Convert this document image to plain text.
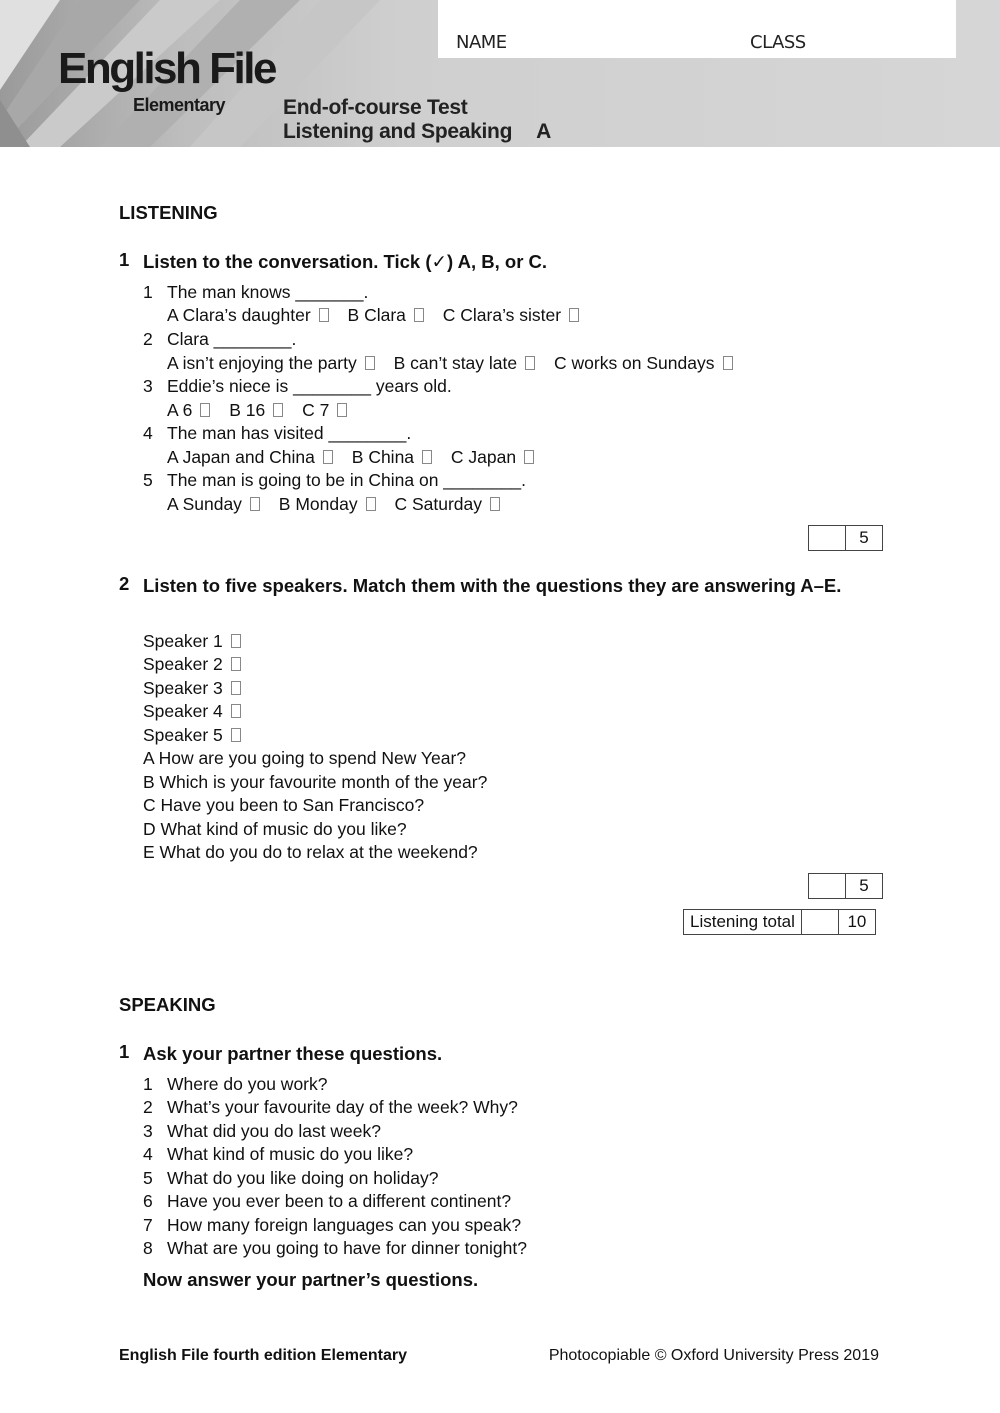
NAME	CLASS
English File
Elementary	End-of-course Test
Listening and Speaking A
LISTENING
1 Listen to the conversation. Tick (✓) A, B, or C.
1 The man knows _______.
A Clara’s daughter B Clara C Clara’s sister
2 Clara ________.
A isn’t enjoying the party B can’t stay late C works on Sundays
3 Eddie’s niece is ________ years old.
A 6 B 16 C 7
4 The man has visited ________.
A Japan and China B China C Japan
5 The man is going to be in China on ________.
A Sunday B Monday C Saturday
5
2 Listen to five speakers. Match them with the questions they are answering A–E.
Speaker 1
Speaker 2
Speaker 3
Speaker 4
Speaker 5
A How are you going to spend New Year?
B Which is your favourite month of the year?
C Have you been to San Francisco?
D What kind of music do you like?
E What do you do to relax at the weekend?
5
Listening total	10
SPEAKING
1 Ask your partner these questions.
1 Where do you work?
2 What’s your favourite day of the week? Why?
3 What did you do last week?
4 What kind of music do you like?
5 What do you like doing on holiday?
6 Have you ever been to a different continent?
7 How many foreign languages can you speak?
8 What are you going to have for dinner tonight?
Now answer your partner’s questions.
English File fourth edition Elementary	Photocopiable © Oxford University Press 2019
